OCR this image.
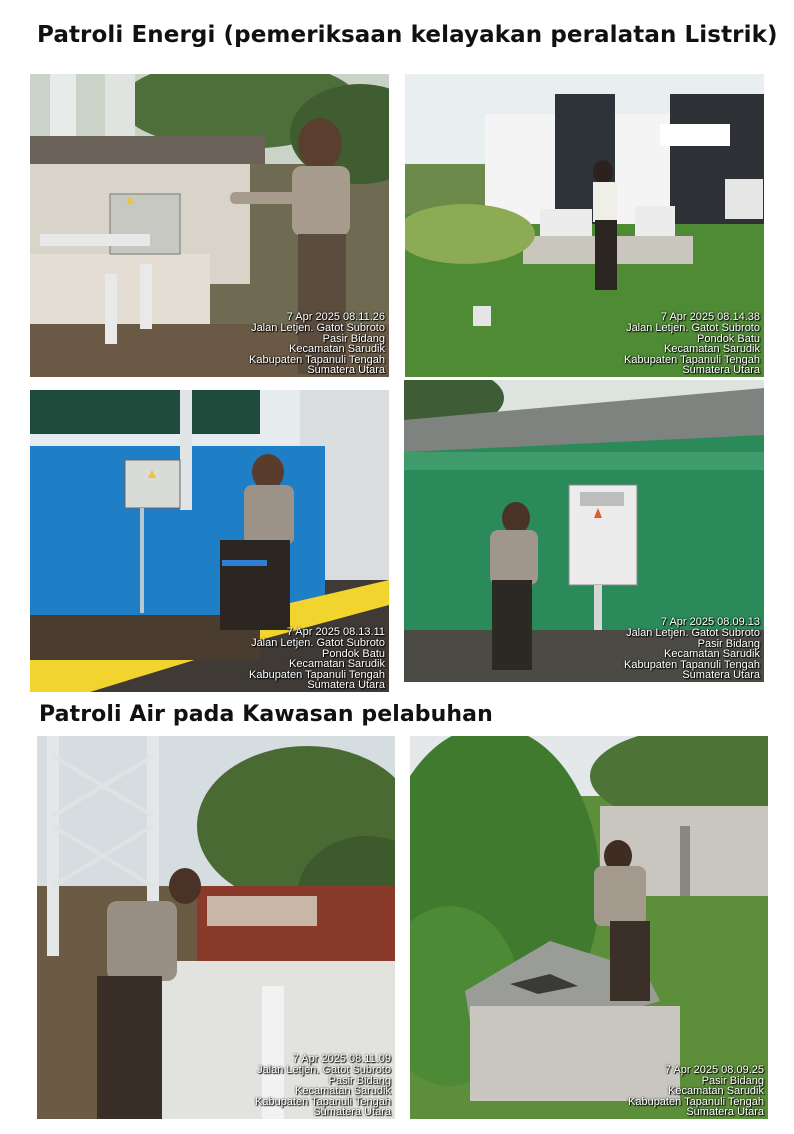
Patroli Energi (pemeriksaan kelayakan peralatan Listrik)
7 Apr 2025 08.11.26
Jalan Letjen. Gatot Subroto
Pasir Bidang
Kecamatan Sarudik
Kabupaten Tapanuli Tengah
Sumatera Utara
7 Apr 2025 08.14.38
Jalan Letjen. Gatot Subroto
Pondok Batu
Kecamatan Sarudik
Kabupaten Tapanuli Tengah
Sumatera Utara
7 Apr 2025 08.13.11
Jalan Letjen. Gatot Subroto
Pondok Batu
Kecamatan Sarudik
Kabupaten Tapanuli Tengah
Sumatera Utara
7 Apr 2025 08.09.13
Jalan Letjen. Gatot Subroto
Pasir Bidang
Kecamatan Sarudik
Kabupaten Tapanuli Tengah
Sumatera Utara
Patroli Air pada Kawasan pelabuhan
7 Apr 2025 08.11.09
Jalan Letjen. Gatot Subroto
Pasir Bidang
Kecamatan Sarudik
Kabupaten Tapanuli Tengah
Sumatera Utara
7 Apr 2025 08.09.25
Pasir Bidang
Kecamatan Sarudik
Kabupaten Tapanuli Tengah
Sumatera Utara
